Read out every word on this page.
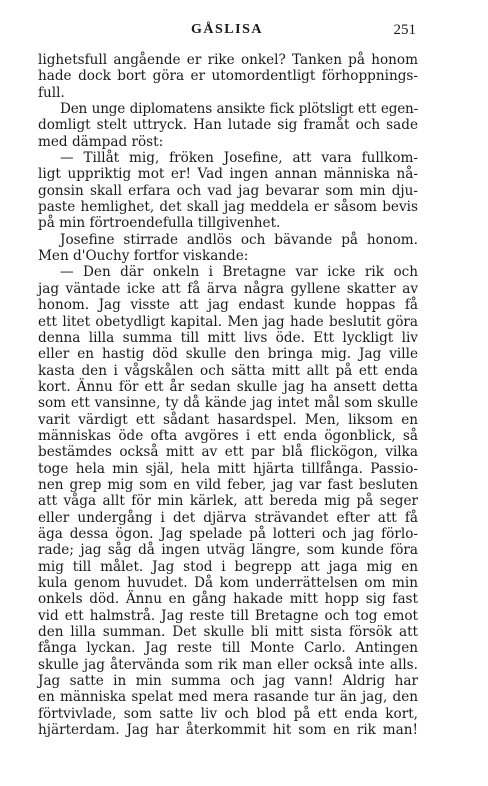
GÅSLISA	251
lighetsfull angående er rike onkel? Tanken på honom
hade dock bort göra er utomordentligt förhoppnings-
full.
Den unge diplomatens ansikte fick plötsligt ett egen-
domligt stelt uttryck. Han lutade sig framåt och sade
med dämpad röst:
— Tillåt mig, fröken Josefine, att vara fullkom-
ligt uppriktig mot er! Vad ingen annan människa nå-
gonsin skall erfara och vad jag bevarar som min dju-
paste hemlighet, det skall jag meddela er såsom bevis
på min förtroendefulla tillgivenhet.
Josefine stirrade andlös och bävande på honom.
Men d'Ouchy fortfor viskande:
— Den där onkeln i Bretagne var icke rik och
jag väntade icke att få ärva några gyllene skatter av
honom. Jag visste att jag endast kunde hoppas få
ett litet obetydligt kapital. Men jag hade beslutit göra
denna lilla summa till mitt livs öde. Ett lyckligt liv
eller en hastig död skulle den bringa mig. Jag ville
kasta den i vågskålen och sätta mitt allt på ett enda
kort. Ännu för ett år sedan skulle jag ha ansett detta
som ett vansinne, ty då kände jag intet mål som skulle
varit värdigt ett sådant hasardspel. Men, liksom en
människas öde ofta avgöres i ett enda ögonblick, så
bestämdes också mitt av ett par blå flickögon, vilka
toge hela min själ, hela mitt hjärta tillfånga. Passio-
nen grep mig som en vild feber, jag var fast besluten
att våga allt för min kärlek, att bereda mig på seger
eller undergång i det djärva strävandet efter att få
äga dessa ögon. Jag spelade på lotteri och jag förlo-
rade; jag såg då ingen utväg längre, som kunde föra
mig till målet. Jag stod i begrepp att jaga mig en
kula genom huvudet. Då kom underrättelsen om min
onkels död. Ännu en gång hakade mitt hopp sig fast
vid ett halmstrå. Jag reste till Bretagne och tog emot
den lilla summan. Det skulle bli mitt sista försök att
fånga lyckan. Jag reste till Monte Carlo. Antingen
skulle jag återvända som rik man eller också inte alls.
Jag satte in min summa och jag vann! Aldrig har
en människa spelat med mera rasande tur än jag, den
förtvivlade, som satte liv och blod på ett enda kort,
hjärterdam. Jag har återkommit hit som en rik man!
